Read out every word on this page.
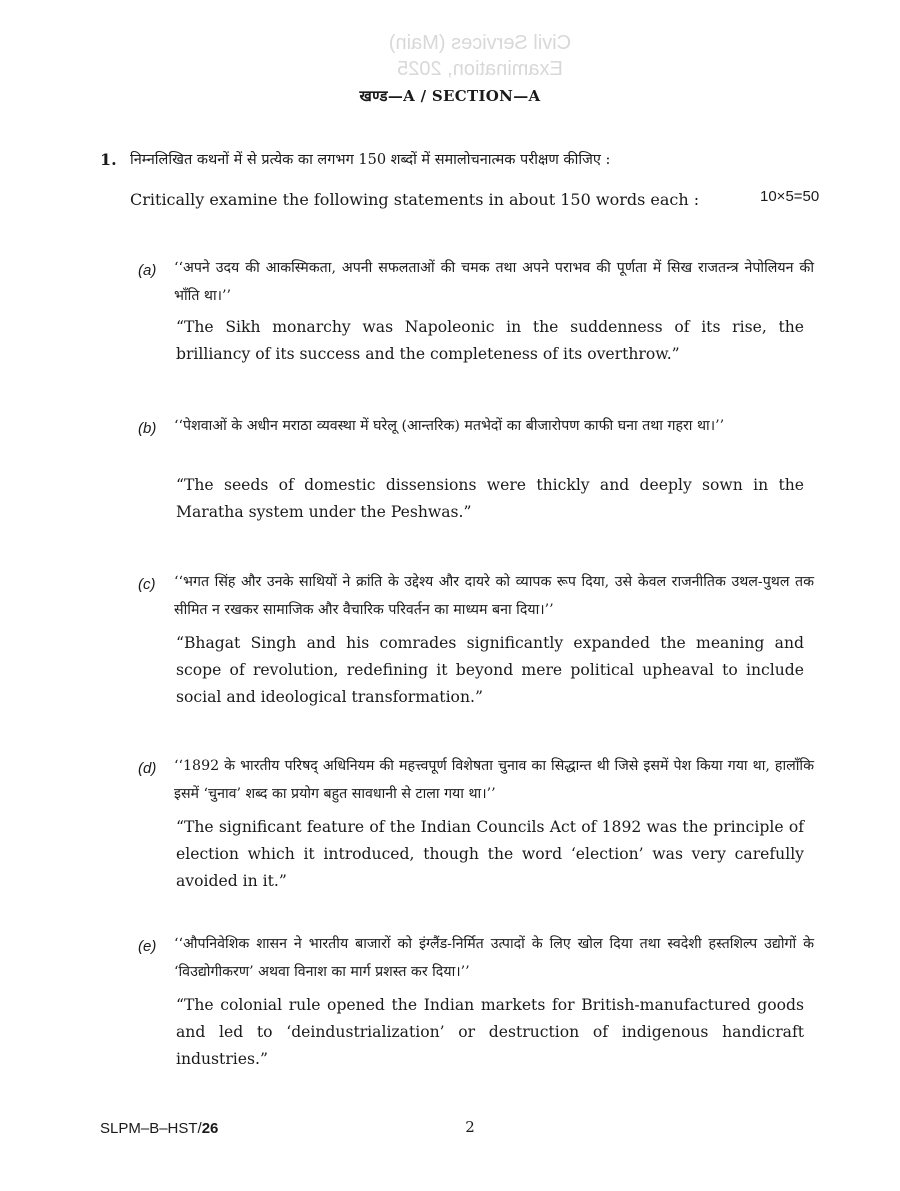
Civil Services (Main)
Examination, 2025
खण्ड—A / SECTION—A
1. निम्नलिखित कथनों में से प्रत्येक का लगभग 150 शब्दों में समालोचनात्मक परीक्षण कीजिए :
Critically examine the following statements in about 150 words each :	10×5=50
(a) ‘‘अपने उदय की आकस्मिकता, अपनी सफलताओं की चमक तथा अपने पराभव की पूर्णता में सिख राजतन्त्र नेपोलियन की भाँति था।’’
“The Sikh monarchy was Napoleonic in the suddenness of its rise, the brilliancy of its success and the completeness of its overthrow.”
(b) ‘‘पेशवाओं के अधीन मराठा व्यवस्था में घरेलू (आन्तरिक) मतभेदों का बीजारोपण काफी घना तथा गहरा था।’’
“The seeds of domestic dissensions were thickly and deeply sown in the Maratha system under the Peshwas.”
(c) ‘‘भगत सिंह और उनके साथियों ने क्रांति के उद्देश्य और दायरे को व्यापक रूप दिया, उसे केवल राजनीतिक उथल-पुथल तक सीमित न रखकर सामाजिक और वैचारिक परिवर्तन का माध्यम बना दिया।’’
“Bhagat Singh and his comrades significantly expanded the meaning and scope of revolution, redefining it beyond mere political upheaval to include social and ideological transformation.”
(d) ‘‘1892 के भारतीय परिषद् अधिनियम की महत्त्वपूर्ण विशेषता चुनाव का सिद्धान्त थी जिसे इसमें पेश किया गया था, हालाँकि इसमें ‘चुनाव’ शब्द का प्रयोग बहुत सावधानी से टाला गया था।’’
“The significant feature of the Indian Councils Act of 1892 was the principle of election which it introduced, though the word ‘election’ was very carefully avoided in it.”
(e) ‘‘औपनिवेशिक शासन ने भारतीय बाजारों को इंग्लैंड-निर्मित उत्पादों के लिए खोल दिया तथा स्वदेशी हस्तशिल्प उद्योगों के ‘विउद्योगीकरण’ अथवा विनाश का मार्ग प्रशस्त कर दिया।’’
“The colonial rule opened the Indian markets for British-manufactured goods and led to ‘deindustrialization’ or destruction of indigenous handicraft industries.”
SLPM–B–HST/26	2
